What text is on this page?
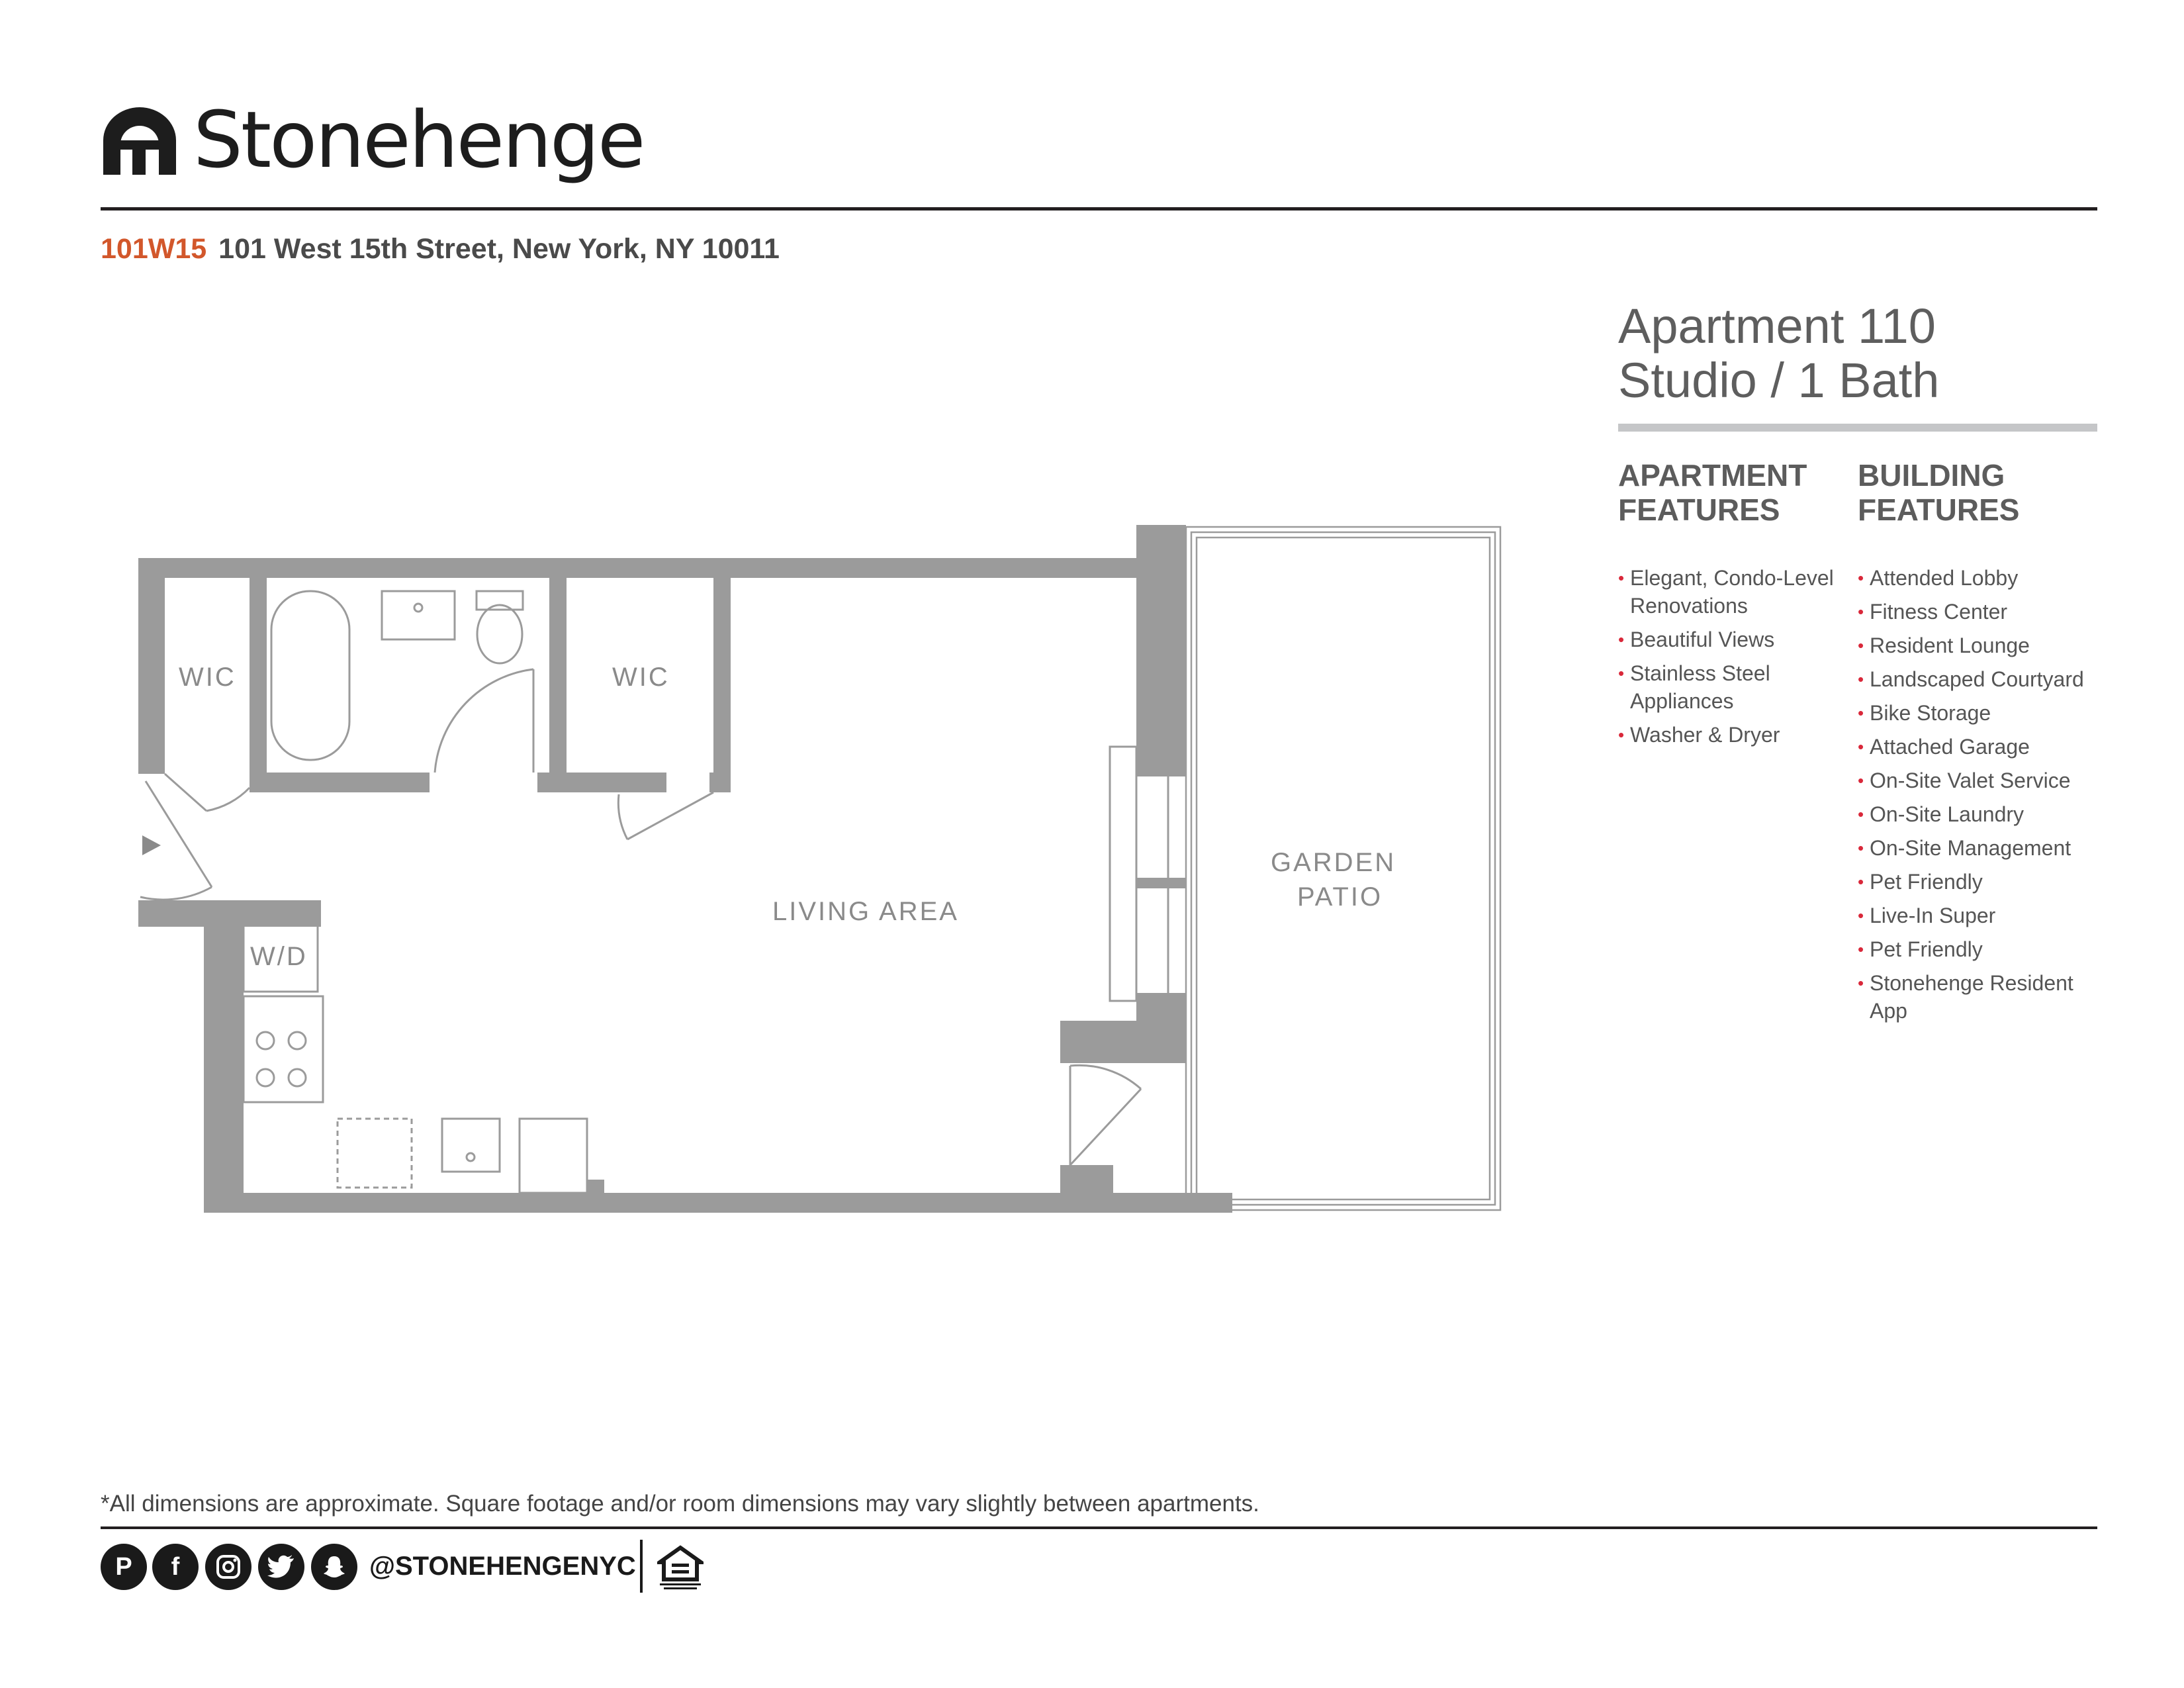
Stonehenge
101W15 101 West 15th Street, New York, NY 10011
Apartment 110
Studio / 1 Bath
APARTMENT
FEATURES
BUILDING
FEATURES
• Elegant, Condo-Level Renovations
• Beautiful Views
• Stainless Steel Appliances
• Washer & Dryer
• Attended Lobby
• Fitness Center
• Resident Lounge
• Landscaped Courtyard
• Bike Storage
• Attached Garage
• On-Site Valet Service
• On-Site Laundry
• On-Site Management
• Pet Friendly
• Live-In Super
• Pet Friendly
• Stonehenge Resident App
WIC	WIC
W/D
LIVING AREA
GARDEN
PATIO
*All dimensions are approximate. Square footage and/or room dimensions may vary slightly between apartments.
P	f	@STONEHENGENYC
